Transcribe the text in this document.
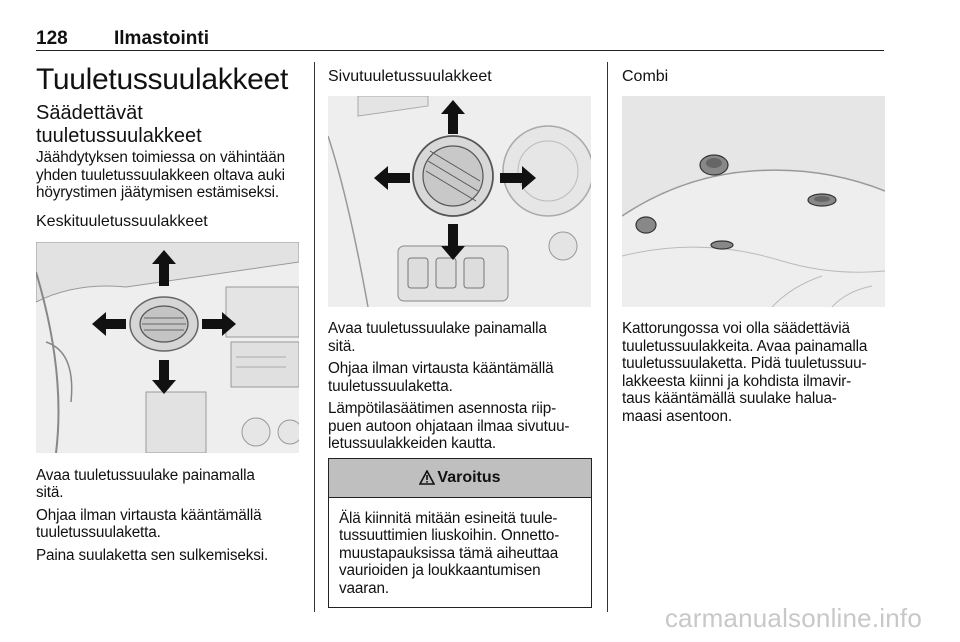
128 Ilmastointi
Tuuletussuulakkeet
Säädettävät
tuuletussuulakkeet

Jäähdytyksen toimiessa on vähintään
yhden tuuletussuulakkeen oltava auki
höyrystimen jäätymisen estämiseksi.

Keskituuletussuulakkeet

Avaa tuuletussuulake painamalla
sitä.

Ohjaa ilman virtausta kääntämällä
tuuletussuulaketta.

Paina suulaketta sen sulkemiseksi.

Sivutuuletussuulakkeet

Avaa tuuletussuulake painamalla
sitä.

Ohjaa ilman virtausta kääntämällä
tuuletussuulaketta.

Lämpötilasäätimen asennosta riip-
puen autoon ohjataan ilmaa sivutuu-
letussuulakkeiden kautta.

Varoitus

Älä kiinnitä mitään esineitä tuule-
tussuuttimien liuskoihin. Onnetto-
muustapauksissa tämä aiheuttaa
vaurioiden ja loukkaantumisen
vaaran.

Combi

Kattorungossa voi olla säädettäviä
tuuletussuulakkeita. Avaa painamalla
tuuletussuulaketta. Pidä tuuletussuu-
lakkeesta kiinni ja kohdista ilmavir-
taus kääntämällä suulake halua-
maasi asentoon.

carmanualsonline.info
